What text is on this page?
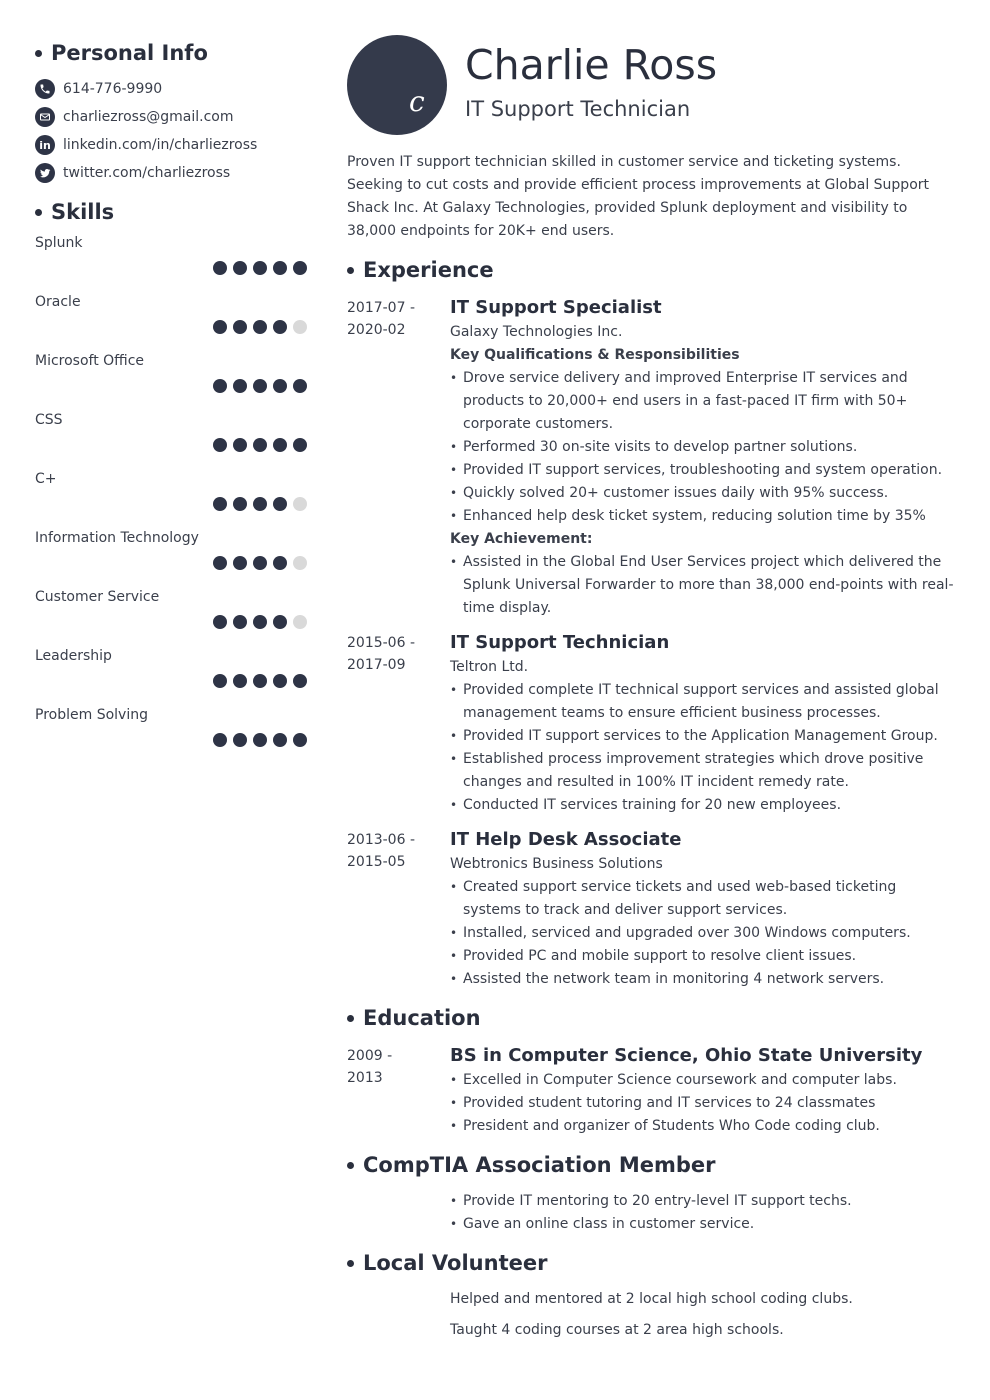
Personal Info
614-776-9990
charliezross@gmail.com
in linkedin.com/in/charliezross
twitter.com/charliezross
Skills
Splunk
Oracle
Microsoft Office
CSS
C+
Information Technology
Customer Service
Leadership
Problem Solving
c
Charlie Ross
IT Support Technician
Proven IT support technician skilled in customer service and ticketing systems. Seeking to cut costs and provide efficient process improvements at Global Support Shack Inc. At Galaxy Technologies, provided Splunk deployment and visibility to 38,000 endpoints for 20K+ end users.
Experience
2017-07 -
2020-02
IT Support Specialist
Galaxy Technologies Inc.
Key Qualifications & Responsibilities
• Drove service delivery and improved Enterprise IT services and products to 20,000+ end users in a fast-paced IT firm with 50+ corporate customers.
• Performed 30 on-site visits to develop partner solutions.
• Provided IT support services, troubleshooting and system operation.
• Quickly solved 20+ customer issues daily with 95% success.
• Enhanced help desk ticket system, reducing solution time by 35%
Key Achievement:
• Assisted in the Global End User Services project which delivered the Splunk Universal Forwarder to more than 38,000 end-points with real-time display.
2015-06 -
2017-09
IT Support Technician
Teltron Ltd.
• Provided complete IT technical support services and assisted global management teams to ensure efficient business processes.
• Provided IT support services to the Application Management Group.
• Established process improvement strategies which drove positive changes and resulted in 100% IT incident remedy rate.
• Conducted IT services training for 20 new employees.
2013-06 -
2015-05
IT Help Desk Associate
Webtronics Business Solutions
• Created support service tickets and used web-based ticketing systems to track and deliver support services.
• Installed, serviced and upgraded over 300 Windows computers.
• Provided PC and mobile support to resolve client issues.
• Assisted the network team in monitoring 4 network servers.
Education
2009 -
2013
BS in Computer Science, Ohio State University
• Excelled in Computer Science coursework and computer labs.
• Provided student tutoring and IT services to 24 classmates
• President and organizer of Students Who Code coding club.
CompTIA Association Member
• Provide IT mentoring to 20 entry-level IT support techs.
• Gave an online class in customer service.
Local Volunteer

Helped and mentored at 2 local high school coding clubs.

Taught 4 coding courses at 2 area high schools.
